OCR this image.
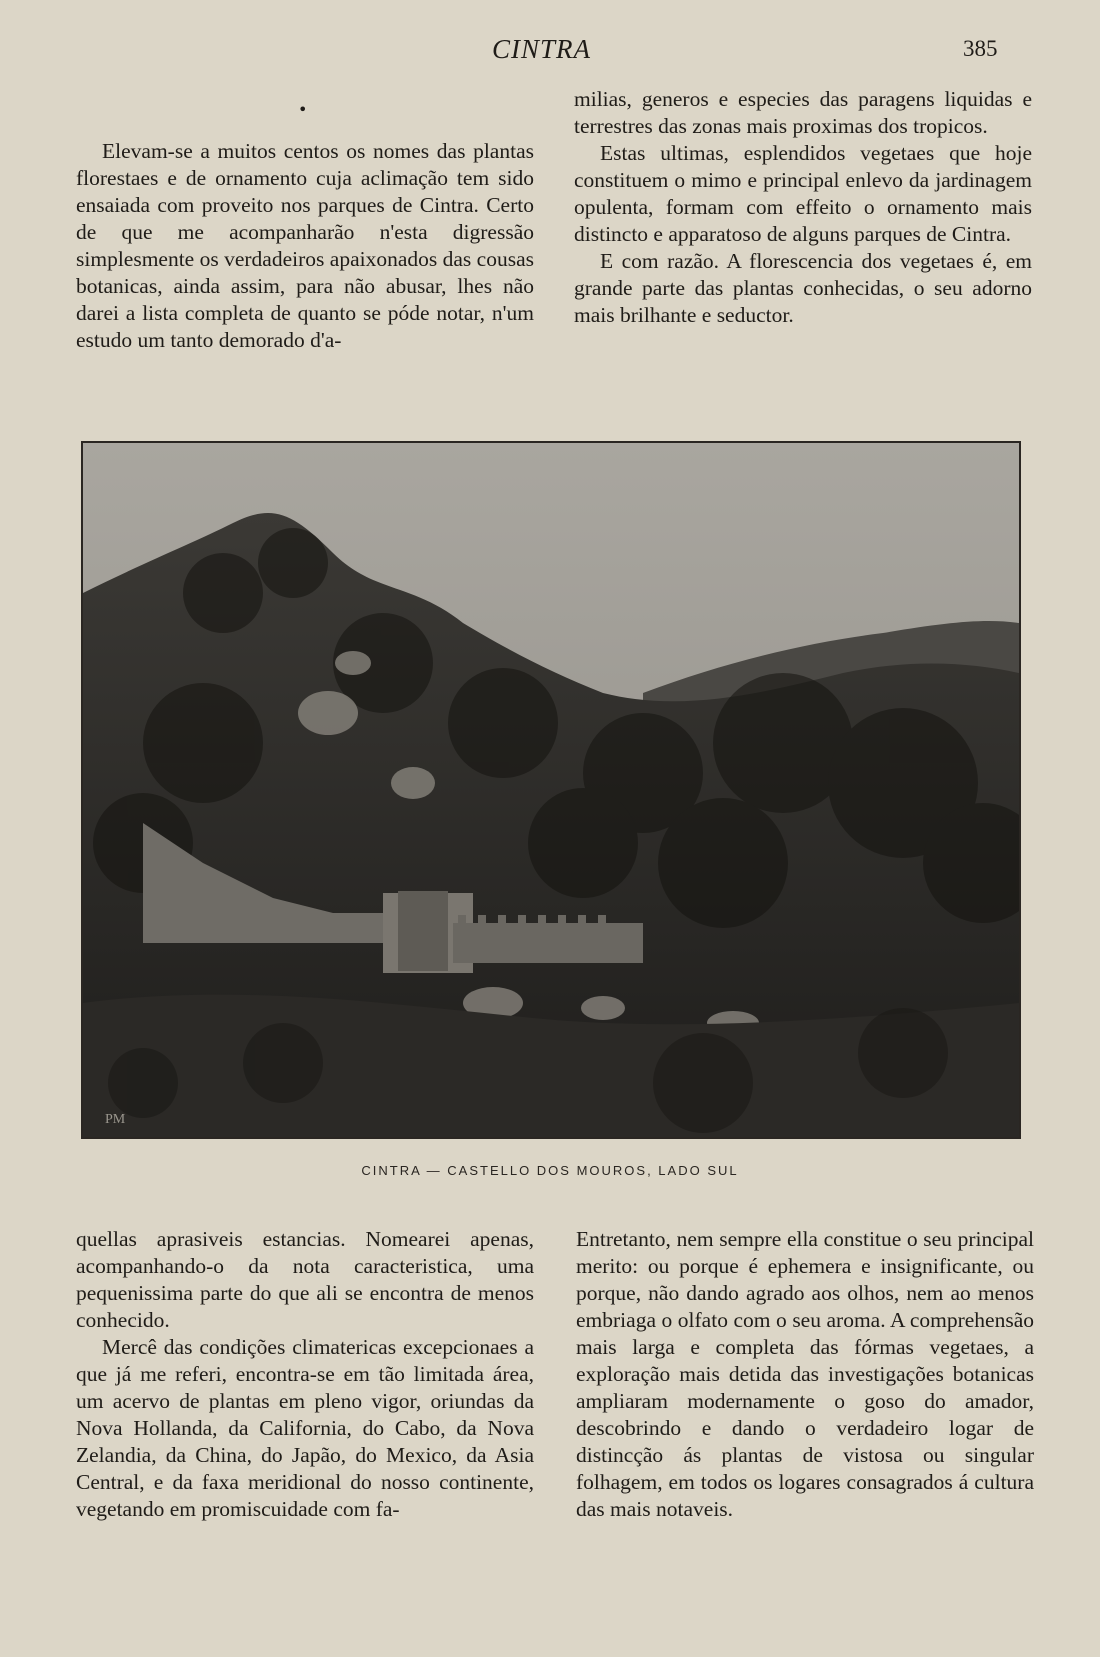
CINTRA	385
•

Elevam-se a muitos centos os nomes das plantas florestaes e de ornamento cuja aclimação tem sido ensaiada com proveito nos parques de Cintra. Certo de que me acompanharão n'esta digressão simplesmente os verdadeiros apaixonados das cousas botanicas, ainda assim, para não abusar, lhes não darei a lista completa de quanto se póde notar, n'um estudo um tanto demorado d'a-

milias, generos e especies das paragens liquidas e terrestres das zonas mais proximas dos tropicos.

Estas ultimas, esplendidos vegetaes que hoje constituem o mimo e principal enlevo da jardinagem opulenta, formam com effeito o ornamento mais distincto e apparatoso de alguns parques de Cintra.

E com razão. A florescencia dos vegetaes é, em grande parte das plantas conhecidas, o seu adorno mais brilhante e seductor.

PM
CINTRA — CASTELLO DOS MOUROS, LADO SUL

quellas aprasiveis estancias. Nomearei apenas, acompanhando-o da nota caracteristica, uma pequenissima parte do que ali se encontra de menos conhecido.

Mercê das condições climatericas excepcionaes a que já me referi, encontra-se em tão limitada área, um acervo de plantas em pleno vigor, oriundas da Nova Hollanda, da California, do Cabo, da Nova Zelandia, da China, do Japão, do Mexico, da Asia Central, e da faxa meridional do nosso continente, vegetando em promiscuidade com fa-

Entretanto, nem sempre ella constitue o seu principal merito: ou porque é ephemera e insignificante, ou porque, não dando agrado aos olhos, nem ao menos embriaga o olfato com o seu aroma. A comprehensão mais larga e completa das fórmas vegetaes, a exploração mais detida das investigações botanicas ampliaram modernamente o goso do amador, descobrindo e dando o verdadeiro logar de distincção ás plantas de vistosa ou singular folhagem, em todos os logares consagrados á cultura das mais notaveis.
